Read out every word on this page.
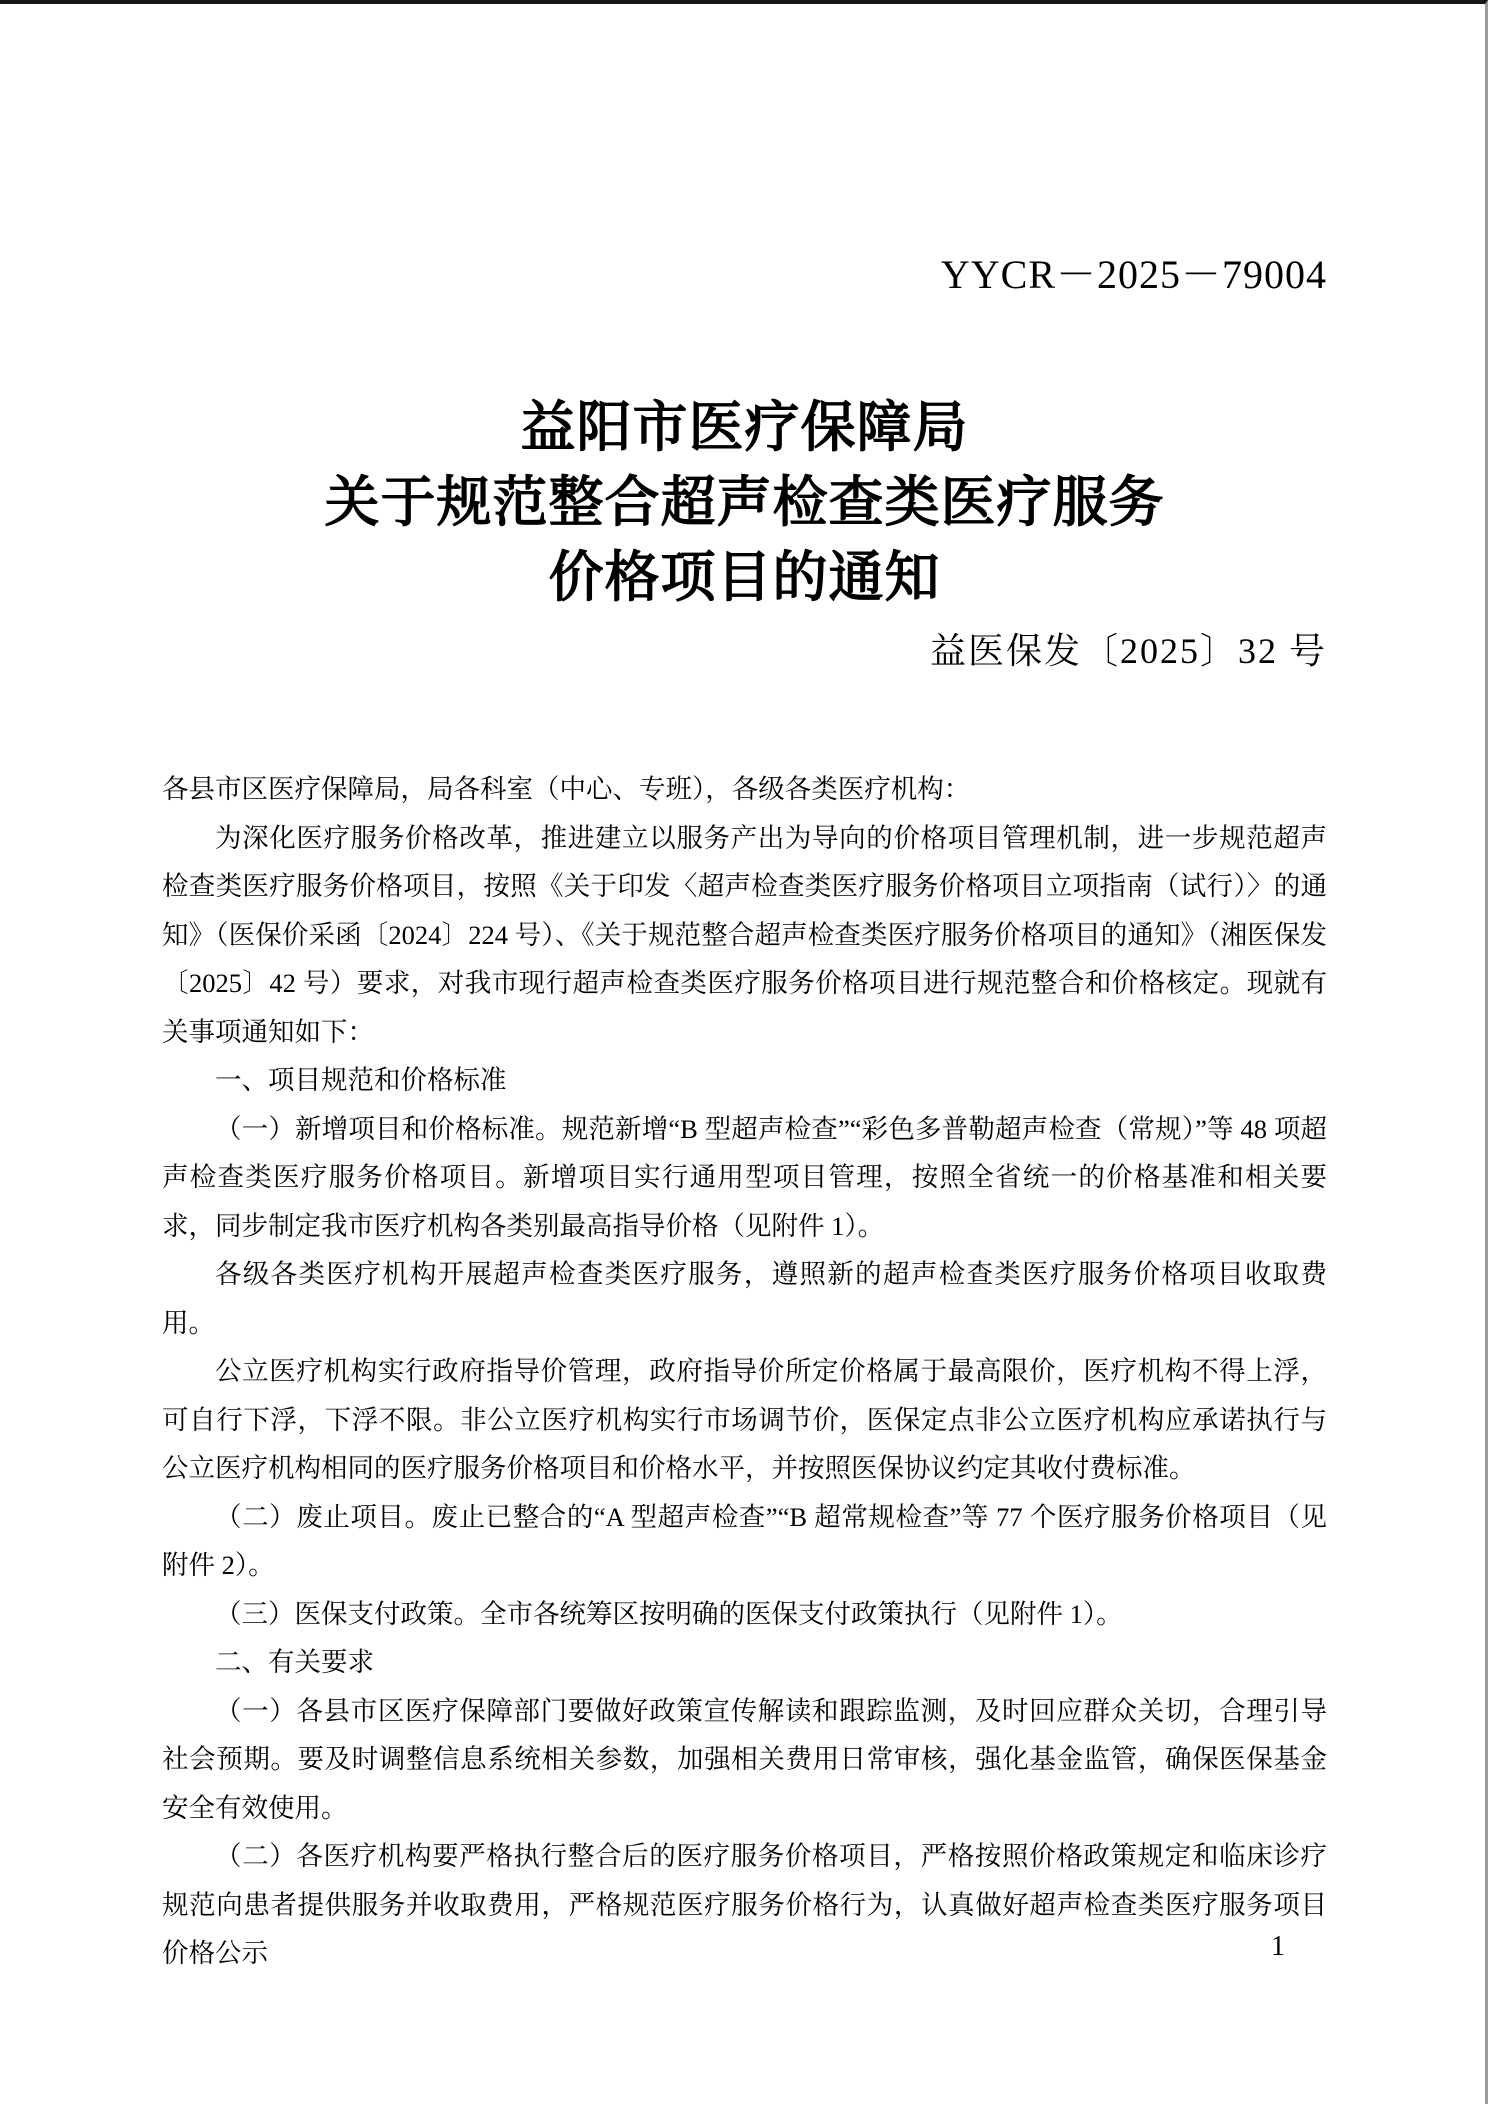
YYCR－2025－79004
益阳市医疗保障局
关于规范整合超声检查类医疗服务
价格项目的通知
益医保发〔2025〕32 号

各县市区医疗保障局，局各科室（中心、专班），各级各类医疗机构：

为深化医疗服务价格改革，推进建立以服务产出为导向的价格项目管理机制，进一步规范超声检查类医疗服务价格项目，按照《关于印发〈超声检查类医疗服务价格项目立项指南（试行）〉的通知》（医保价采函〔2024〕224 号）、《关于规范整合超声检查类医疗服务价格项目的通知》（湘医保发〔2025〕42 号）要求，对我市现行超声检查类医疗服务价格项目进行规范整合和价格核定。现就有关事项通知如下：

一、项目规范和价格标准

（一）新增项目和价格标准。规范新增“B 型超声检查”“彩色多普勒超声检查（常规）”等 48 项超声检查类医疗服务价格项目。新增项目实行通用型项目管理，按照全省统一的价格基准和相关要求，同步制定我市医疗机构各类别最高指导价格（见附件 1）。

各级各类医疗机构开展超声检查类医疗服务，遵照新的超声检查类医疗服务价格项目收取费用。

公立医疗机构实行政府指导价管理，政府指导价所定价格属于最高限价，医疗机构不得上浮，可自行下浮，下浮不限。非公立医疗机构实行市场调节价，医保定点非公立医疗机构应承诺执行与公立医疗机构相同的医疗服务价格项目和价格水平，并按照医保协议约定其收付费标准。

（二）废止项目。废止已整合的“A 型超声检查”“B 超常规检查”等 77 个医疗服务价格项目（见附件 2）。

（三）医保支付政策。全市各统筹区按明确的医保支付政策执行（见附件 1）。

二、有关要求

（一）各县市区医疗保障部门要做好政策宣传解读和跟踪监测，及时回应群众关切，合理引导社会预期。要及时调整信息系统相关参数，加强相关费用日常审核，强化基金监管，确保医保基金安全有效使用。

（二）各医疗机构要严格执行整合后的医疗服务价格项目，严格按照价格政策规定和临床诊疗规范向患者提供服务并收取费用，严格规范医疗服务价格行为，认真做好超声检查类医疗服务项目价格公示	1
